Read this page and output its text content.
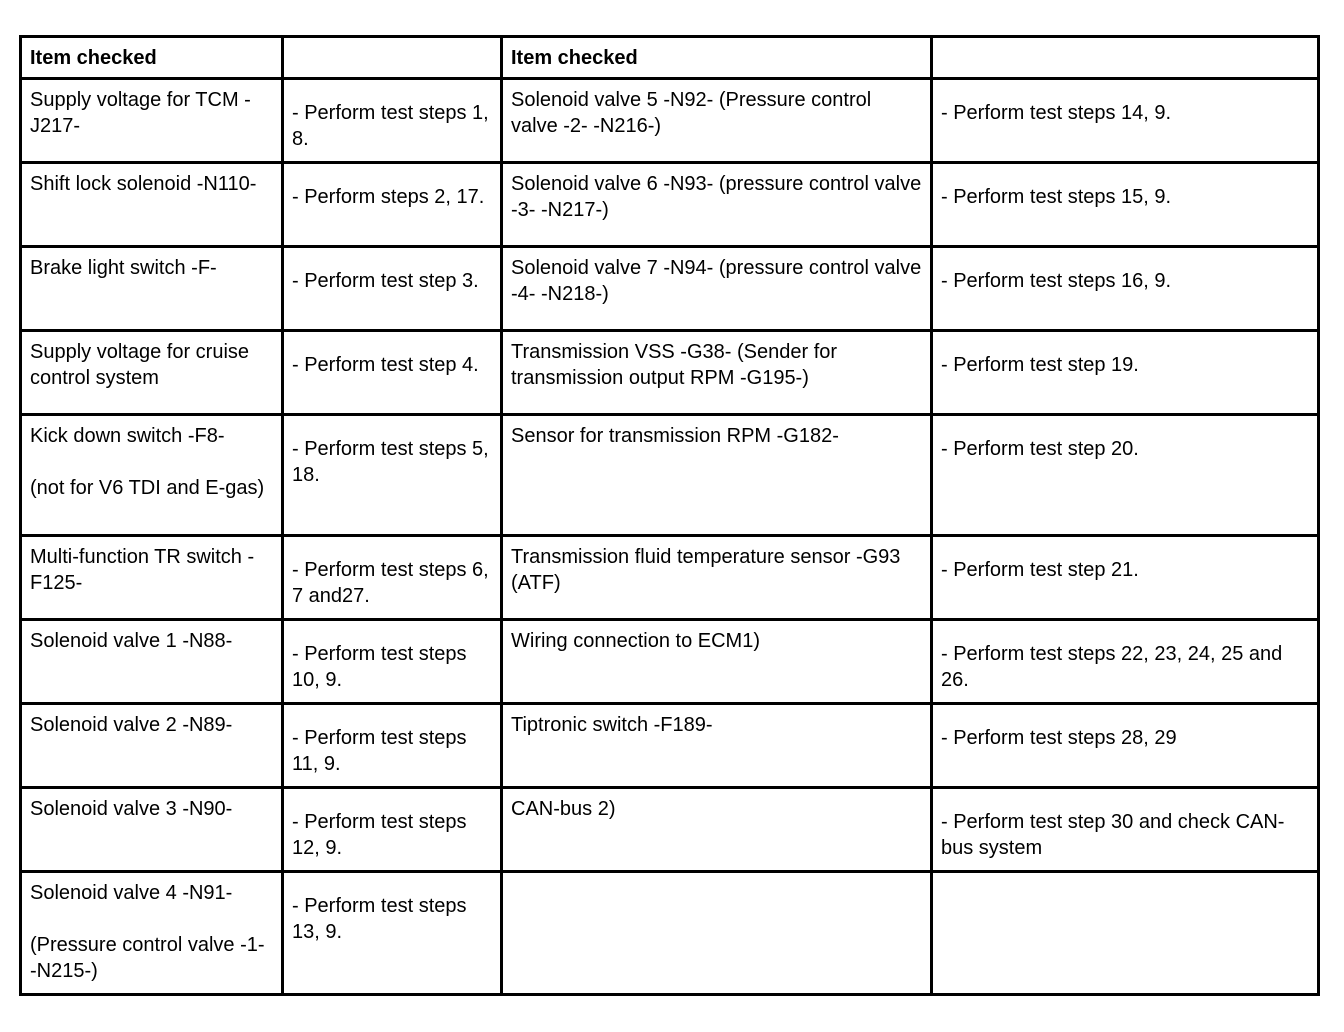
Item checked		Item checked	

Supply voltage for TCM -J217-	- Perform test steps 1, 8.	Solenoid valve 5 -N92- (Pressure control valve -2- -N216-)	- Perform test steps 14, 9.

Shift lock solenoid -N110-	- Perform steps 2, 17.	Solenoid valve 6 -N93- (pressure control valve -3- -N217-)	- Perform test steps 15, 9.

Brake light switch -F-	- Perform test step 3.	Solenoid valve 7 -N94- (pressure control valve -4- -N218-)	- Perform test steps 16, 9.

Supply voltage for cruise control system	- Perform test step 4.	Transmission VSS -G38- (Sender for transmission output RPM -G195-)	- Perform test step 19.

Kick down switch -F8-
(not for V6 TDI and E-gas)	- Perform test steps 5, 18.	Sensor for transmission RPM -G182-	- Perform test step 20.

Multi-function TR switch -F125-	- Perform test steps 6, 7 and27.	Transmission fluid temperature sensor -G93 (ATF)	- Perform test step 21.

Solenoid valve 1 -N88-	- Perform test steps 10, 9.	Wiring connection to ECM1)	- Perform test steps 22, 23, 24, 25 and 26.

Solenoid valve 2 -N89-	- Perform test steps 11, 9.	Tiptronic switch -F189-	- Perform test steps 28, 29

Solenoid valve 3 -N90-	- Perform test steps 12, 9.	CAN-bus 2)	- Perform test step 30 and check CAN-bus system

Solenoid valve 4 -N91-
(Pressure control valve -1- -N215-)	- Perform test steps 13, 9.		
